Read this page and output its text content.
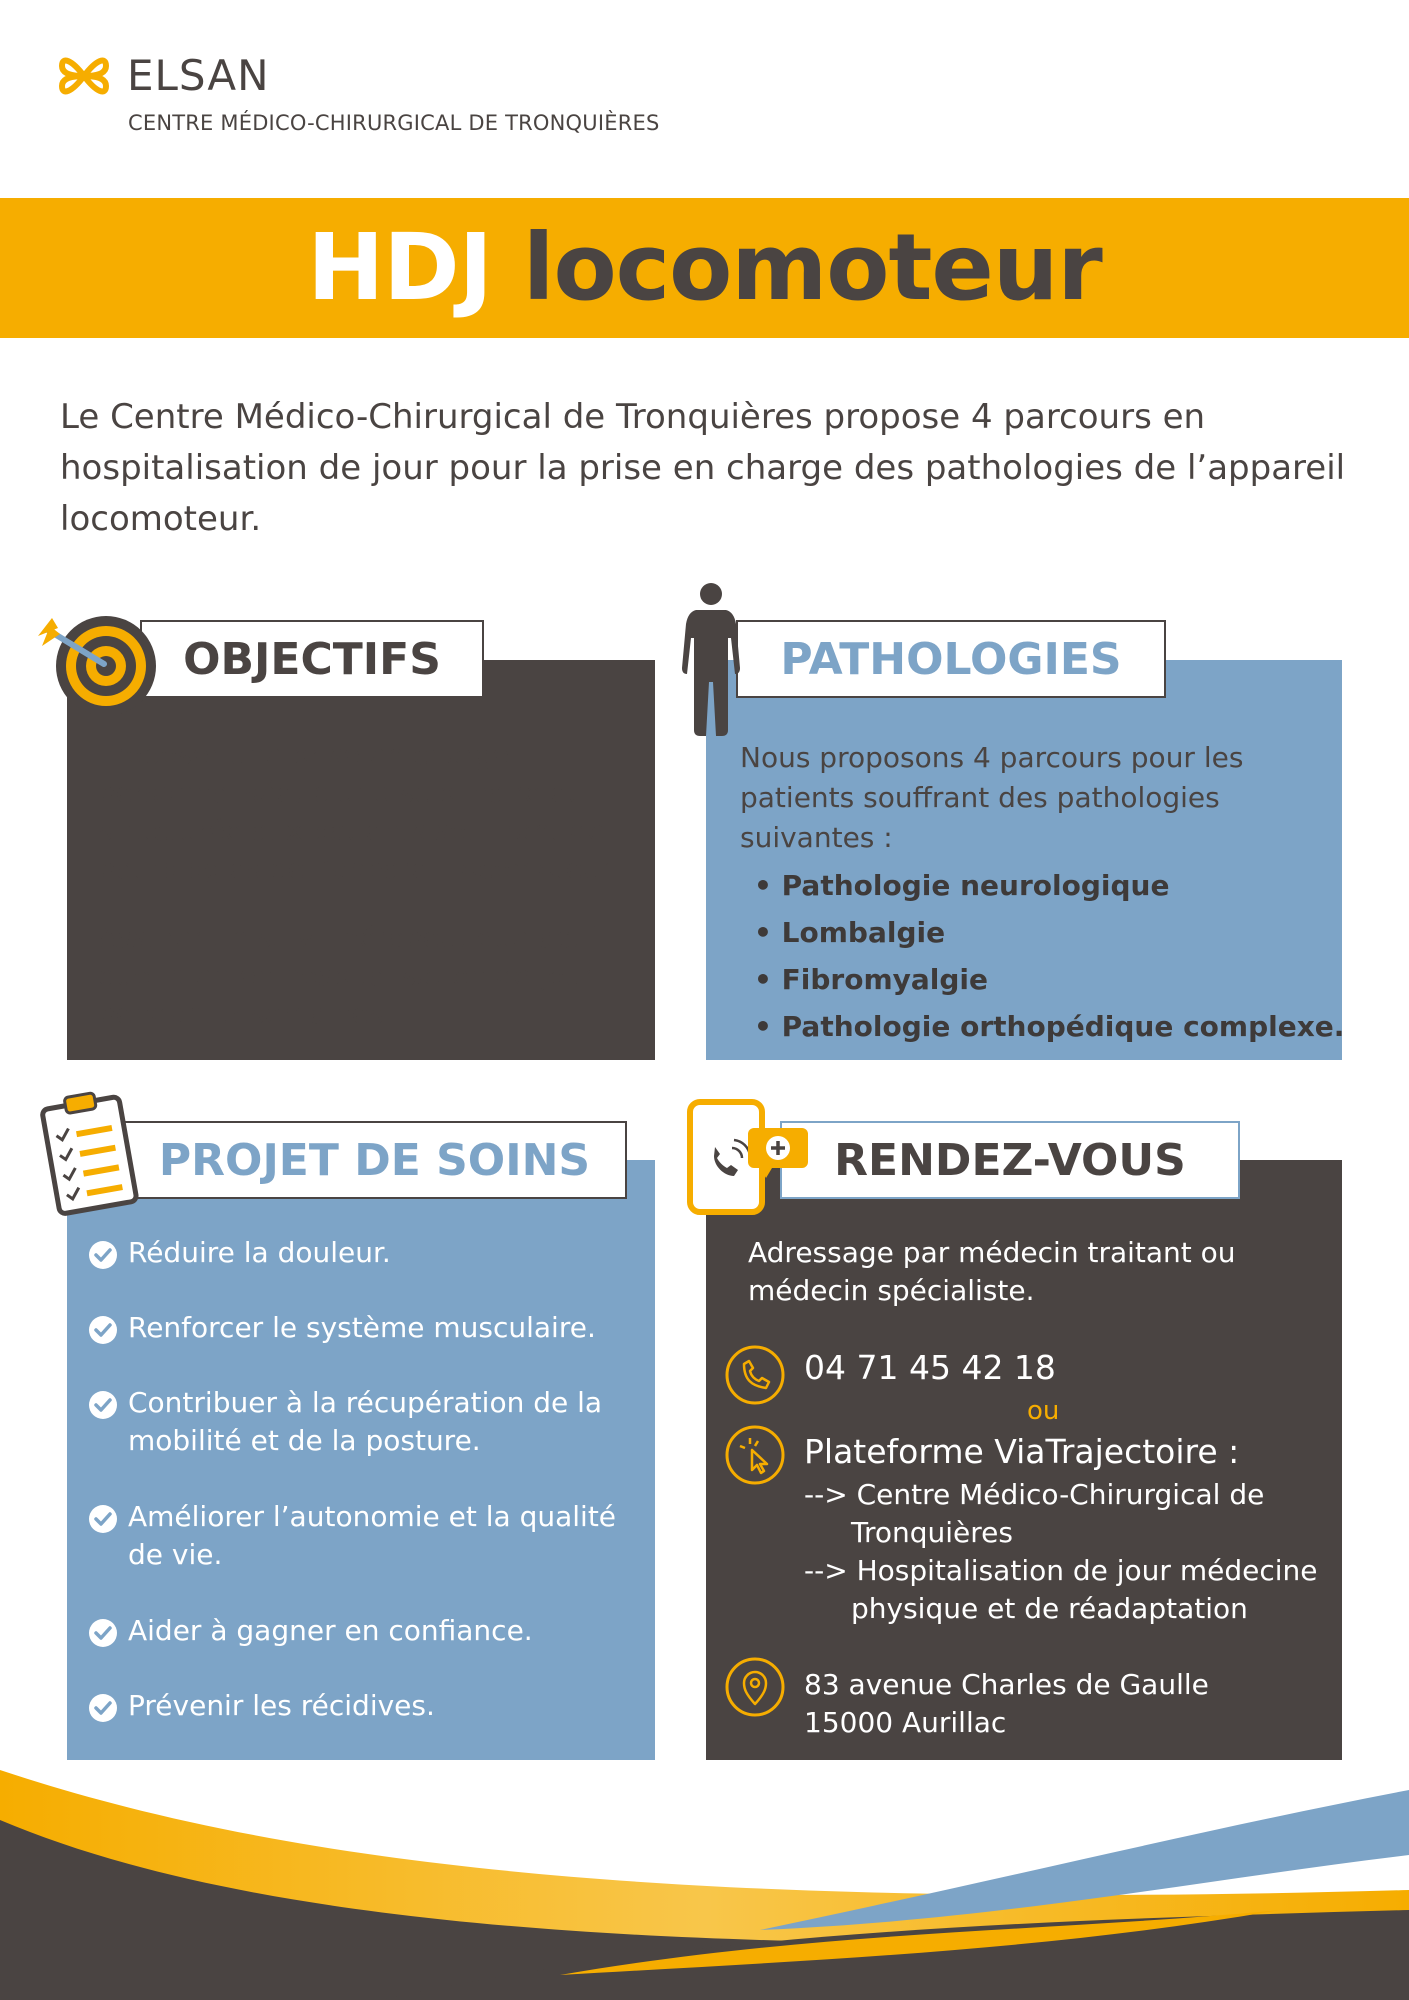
ELSAN
CENTRE MÉDICO-CHIRURGICAL DE TRONQUIÈRES
HDJ locomoteur

Le Centre Médico-Chirurgical de Tronquières propose 4 parcours en hospitalisation de jour pour la prise en charge des pathologies de l’appareil locomoteur.

OBJECTIFS

Proposer une prise en charge personnalisée, pluridisciplinaire et structurée aux patients souffrant de pathologies de l’appareil locomoteur.

Assurer un suivi thérapeutique actif quotidien en hospitalisation de jour pendant 5 semaines.

PATHOLOGIES

Nous proposons 4 parcours pour les patients souffrant des pathologies suivantes :

• Pathologie neurologique
• Lombalgie
• Fibromyalgie
• Pathologie orthopédique complexe.
PROJET DE SOINS
Réduire la douleur.
Renforcer le système musculaire.
Contribuer à la récupération de la mobilité et de la posture.
Améliorer l’autonomie et la qualité de vie.
Aider à gagner en confiance.
Prévenir les récidives.
RENDEZ-VOUS

Adressage par médecin traitant ou médecin spécialiste.

04 71 45 42 18
ou
Plateforme ViaTrajectoire :
--> Centre Médico-Chirurgical de
Tronquières
--> Hospitalisation de jour médecine
physique et de réadaptation
83 avenue Charles de Gaulle
15000 Aurillac
